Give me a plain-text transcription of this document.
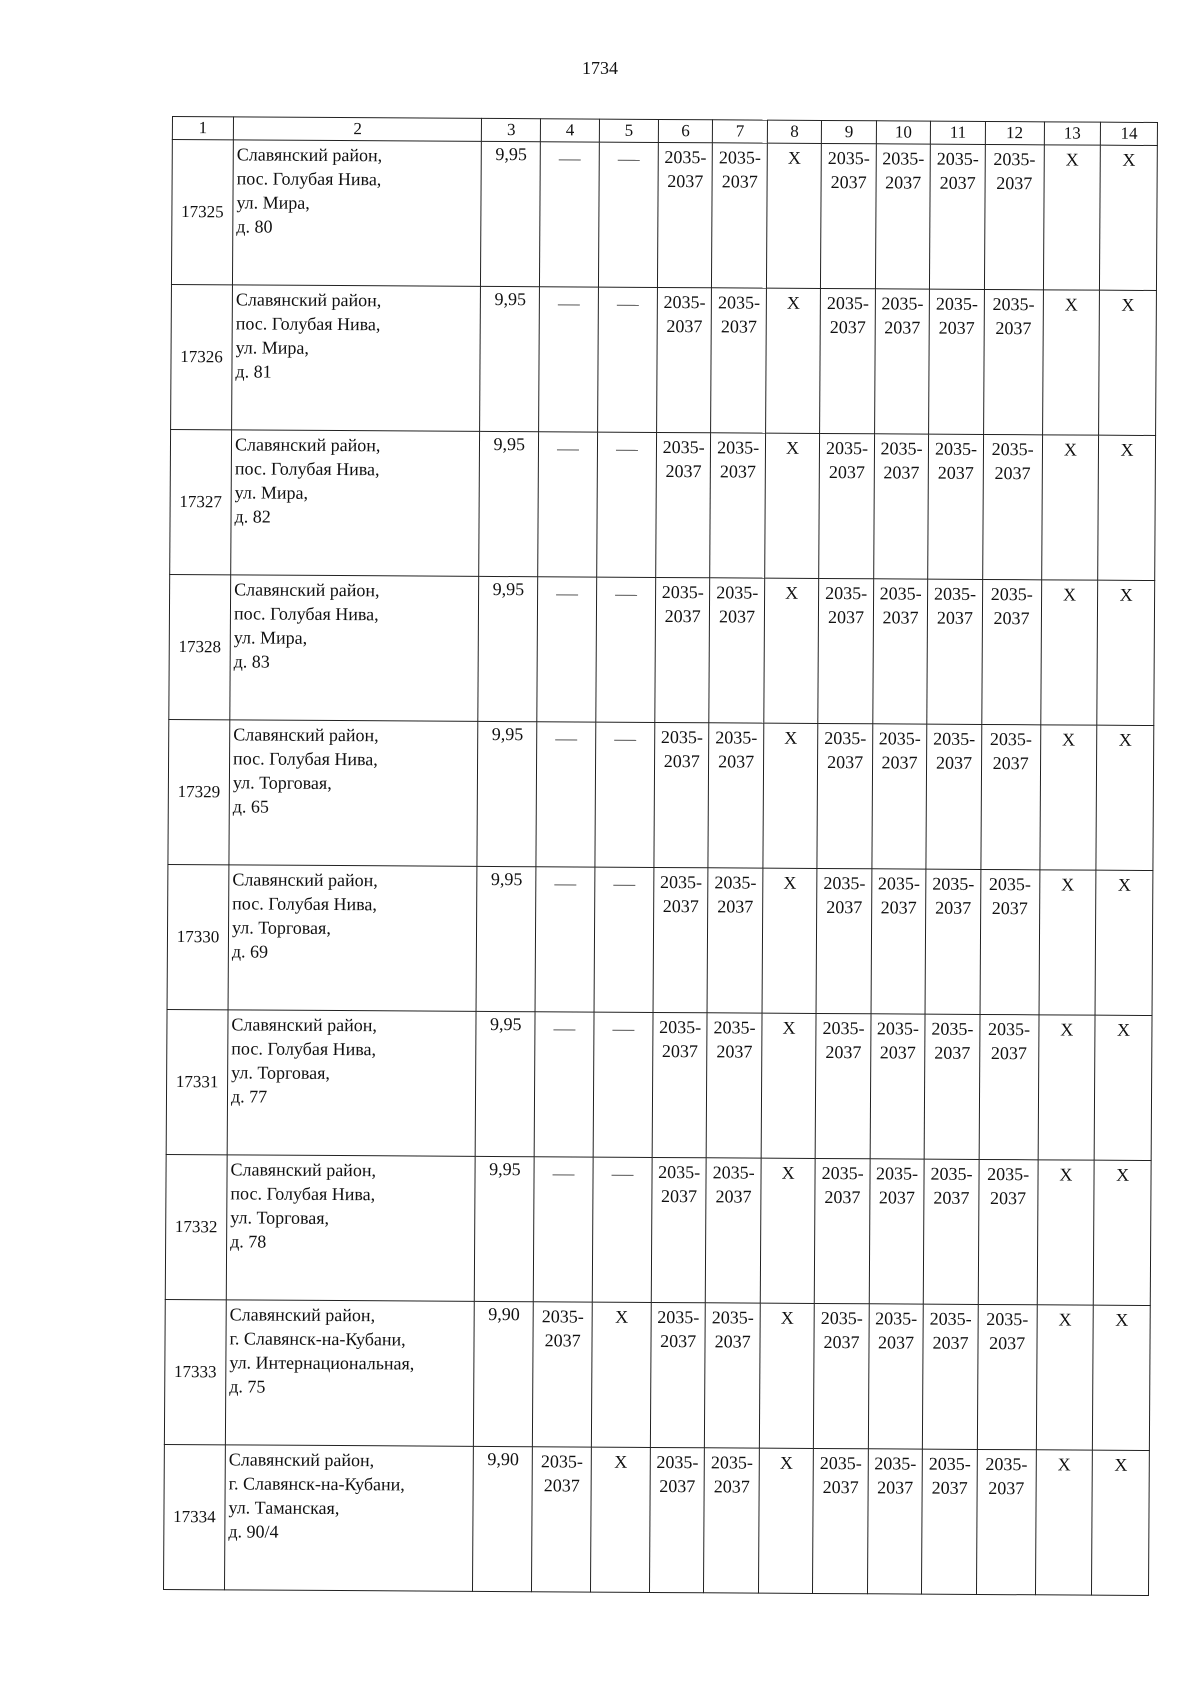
1734
1	2	3	4	5	6	7	8	9	10	11	12	13	14
17325	Славянский район,
пос. Голубая Нива,
ул. Мира,
д. 80	9,95			2035-
2037	2035-
2037	X	2035-
2037	2035-
2037	2035-
2037	2035-
2037	X	X

17326	Славянский район,
пос. Голубая Нива,
ул. Мира,
д. 81	9,95			2035-
2037	2035-
2037	X	2035-
2037	2035-
2037	2035-
2037	2035-
2037	X	X

17327	Славянский район,
пос. Голубая Нива,
ул. Мира,
д. 82	9,95			2035-
2037	2035-
2037	X	2035-
2037	2035-
2037	2035-
2037	2035-
2037	X	X

17328	Славянский район,
пос. Голубая Нива,
ул. Мира,
д. 83	9,95			2035-
2037	2035-
2037	X	2035-
2037	2035-
2037	2035-
2037	2035-
2037	X	X

17329	Славянский район,
пос. Голубая Нива,
ул. Торговая,
д. 65	9,95			2035-
2037	2035-
2037	X	2035-
2037	2035-
2037	2035-
2037	2035-
2037	X	X

17330	Славянский район,
пос. Голубая Нива,
ул. Торговая,
д. 69	9,95			2035-
2037	2035-
2037	X	2035-
2037	2035-
2037	2035-
2037	2035-
2037	X	X

17331	Славянский район,
пос. Голубая Нива,
ул. Торговая,
д. 77	9,95			2035-
2037	2035-
2037	X	2035-
2037	2035-
2037	2035-
2037	2035-
2037	X	X

17332	Славянский район,
пос. Голубая Нива,
ул. Торговая,
д. 78	9,95			2035-
2037	2035-
2037	X	2035-
2037	2035-
2037	2035-
2037	2035-
2037	X	X

17333	Славянский район,
г. Славянск-на-Кубани,
ул. Интернациональная,
д. 75	9,90	2035-
2037	X	2035-
2037	2035-
2037	X	2035-
2037	2035-
2037	2035-
2037	2035-
2037	X	X

17334	Славянский район,
г. Славянск-на-Кубани,
ул. Таманская,
д. 90/4	9,90	2035-
2037	X	2035-
2037	2035-
2037	X	2035-
2037	2035-
2037	2035-
2037	2035-
2037	X	X
